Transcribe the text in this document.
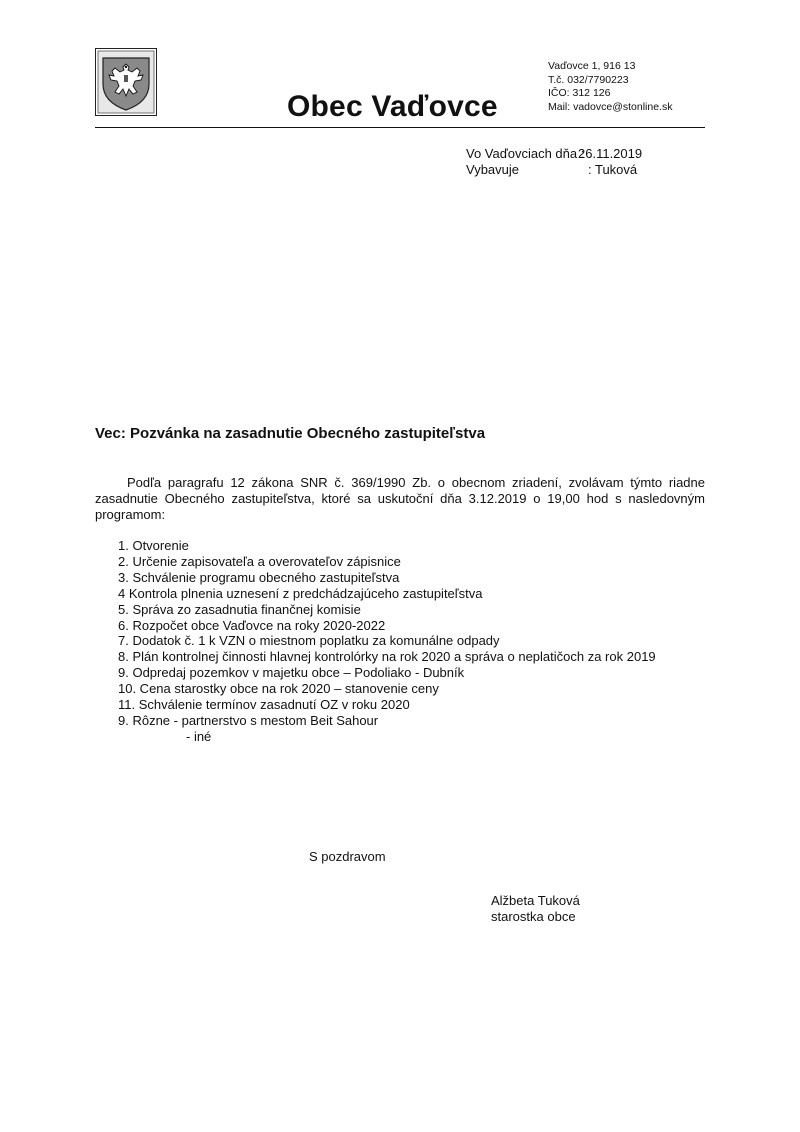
Obec Vaďovce
Vaďovce 1, 916 13
T.č. 032/7790223
IČO: 312 126
Mail: vadovce@stonline.sk
Vo Vaďovciach dňa :26.11.2019
Vybavuje	: Tuková
Vec: Pozvánka na zasadnutie Obecného zastupiteľstva
Podľa paragrafu 12 zákona SNR č. 369/1990 Zb. o obecnom zriadení, zvolávam týmto riadne zasadnutie Obecného zastupiteľstva, ktoré sa uskutoční dňa 3.12.2019 o 19,00 hod s nasledovným programom:
1. Otvorenie
2. Určenie zapisovateľa a overovateľov zápisnice
3. Schválenie programu obecného zastupiteľstva
4 Kontrola plnenia uznesení z predchádzajúceho zastupiteľstva
5. Správa zo zasadnutia finančnej komisie
6. Rozpočet obce Vaďovce na roky 2020-2022
7. Dodatok č. 1 k VZN o miestnom poplatku za komunálne odpady
8. Plán kontrolnej činnosti hlavnej kontrolórky na rok 2020 a správa o neplatičoch za rok 2019
9. Odpredaj pozemkov v majetku obce – Podoliako - Dubník
10. Cena starostky obce na rok 2020 – stanovenie ceny
11. Schválenie termínov zasadnutí OZ v roku 2020
9. Rôzne - partnerstvo s mestom Beit Sahour
- iné
S pozdravom
Alžbeta Tuková
starostka obce
